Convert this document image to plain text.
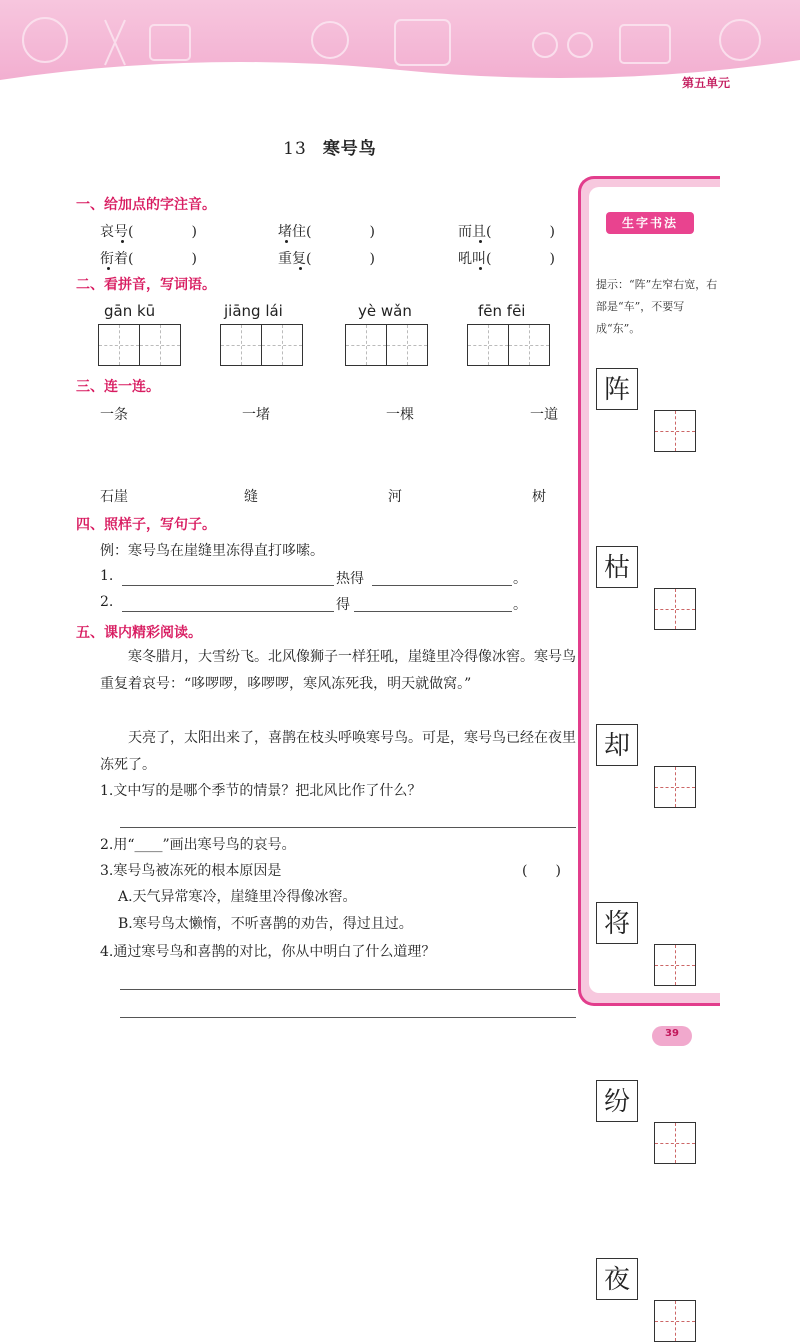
第五单元
13 寒号鸟
一、给加点的字注音。
哀号(	)	堵住(	)	而且(	)
衔着(	)	重复(	)	吼叫(	)
二、看拼音，写词语。
gān kū	jiāng lái	yè wǎn	fēn fēi
三、连一连。
一条	一堵	一棵	一道
石崖	缝	河	树
四、照样子，写句子。
例：寒号鸟在崖缝里冻得直打哆嗦。
1.	热得	。
2.	得	。
五、课内精彩阅读。
寒冬腊月，大雪纷飞。北风像狮子一样狂吼，崖缝里冷得像冰窖。寒号鸟重复着哀号：“哆啰啰，哆啰啰，寒风冻死我，明天就做窝。”
天亮了，太阳出来了，喜鹊在枝头呼唤寒号鸟。可是，寒号鸟已经在夜里冻死了。
1.文中写的是哪个季节的情景？把北风比作了什么？
2.用“____”画出寒号鸟的哀号。
3.寒号鸟被冻死的根本原因是	(　　)
A.天气异常寒冷，崖缝里冷得像冰窖。
B.寒号鸟太懒惰，不听喜鹊的劝告，得过且过。
4.通过寒号鸟和喜鹊的对比，你从中明白了什么道理？
生字书法
提示：“阵”左窄右宽，右部是“车”，不要写成“东”。
阵
枯
却
将
纷
夜
39
